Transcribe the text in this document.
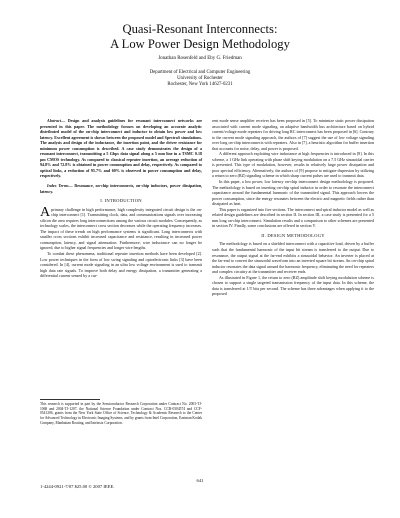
Quasi-Resonant Interconnects:
A Low Power Design Methodology
Jonathan Rosenfeld and Eby G. Friedman
Department of Electrical and Computer Engineering
University of Rochester
Rochester, New York 14627-0231

Abstract— Design and analysis guidelines for resonant interconnect networks are presented in this paper. The methodology focuses on developing an accurate analytic distributed model of the on-chip interconnect and inductor to obtain low power and low latency. Excellent agreement is shown between the proposed model and SpectraS simulations. The analysis and design of the inductance, the insertion point, and the driver resistance for minimum power consumption is described. A case study demonstrates the design of a resonant interconnect, transmitting a 5 Gbps data signal along a 5 mm line in a TSMC 0.18 μm CMOS technology. As compared to classical repeater insertion, an average reduction of 94.8% and 72.8% is obtained in power consumption and delay, respectively. As compared to optical links, a reduction of 95.7% and 60% is observed in power consumption and delay, respectively.

Index Terms— Resonance, on-chip interconnects, on-chip inductors, power dissipation, latency.

I. INTRODUCTION

Aprimary challenge in high performance, high complexity integrated circuit design is the on-chip interconnect [1]. Transmitting clock, data, and communications signals over increasing silicon die area requires long interconnections among the various circuit modules. Consequently, as technology scales, the interconnect cross section decreases while the operating frequency increases. The impact of these trends on high performance systems is significant. Long interconnects with smaller cross sections exhibit increased capacitance and resistance, resulting in increased power consumption, latency, and signal attenuation. Furthermore, wire inductance can no longer be ignored, due to higher signal frequencies and longer wire lengths.

To combat these phenomena, traditional repeater insertion methods have been developed [2]. Low power techniques in the form of low swing signaling and optoelectronic links [3] have been considered. In [4], current mode signaling in an ultra low voltage environment is used to transmit high data rate signals. To improve both delay and energy dissipation, a transmitter generating a differential current sensed by a cur-

This research is supported in part by the Semiconductor Research Corporation under Contract No. 2003-TJ-1068 and 2004-TJ-1207, the National Science Foundation under Contract Nos. CCR-0304574 and CCF-0541206, grants from the New York State Office of Science, Technology & Academic Research to the Center for Advanced Technology in Electronic Imaging Systems, and by grants from Intel Corporation, Eastman Kodak Company, Manhattan Routing, and Intrinsix Corporation.

rent mode sense amplifier receiver has been proposed in [5]. To minimize static power dissipation associated with current mode signaling, an adaptive bandwidth bus architecture based on hybrid current/voltage mode repeaters for driving long RC interconnect has been proposed in [6]. Contrary to the current mode signaling approach, the authors of [7] suggest the use of low voltage signaling over long on-chip interconnects with repeaters. Also in [7], a heuristic algorithm for buffer insertion that accounts for noise, delay, and power is proposed.

A different approach exploiting wire inductance at high frequencies is introduced in [8]. In this scheme, a 1 GHz link operating with phase shift keying modulation on a 7.5 GHz sinusoidal carrier is presented. This type of modulation, however, results in relatively large power dissipation and poor spectral efficiency. Alternatively, the authors of [9] propose to mitigate dispersion by utilizing a return to zero (RZ) signaling scheme in which sharp current pulses are used to transmit data.

In this paper, a low power, low latency on-chip interconnect design methodology is proposed. The methodology is based on inserting on-chip spiral inductor in order to resonate the interconnect capacitance around the fundamental harmonic of the transmitted signal. This approach lowers the power consumption, since the energy resonates between the electric and magnetic fields rather than dissipated as heat.

This paper is organized into five sections. The interconnect and spiral inductor model as well as related design guidelines are described in section II. In section III, a case study is presented for a 5 mm long on-chip interconnect. Simulation results and a comparison to other schemes are presented in section IV. Finally, some conclusions are offered in section V.

II. DESIGN METHODOLOGY

The methodology is based on a shielded interconnect with a capacitive load, driven by a buffer such that the fundamental harmonic of the input bit stream is transferred to the output. Due to resonance, the output signal at the far-end exhibits a sinusoidal behavior. An inverter is placed at the far-end to convert the sinusoidal waveform into an inverted square bit stream. An on-chip spiral inductor resonates the data signal around the harmonic frequency, eliminating the need for repeaters and complex circuitry at the transmitter and receiver ends.

As illustrated in Figure 1, the return to zero (RZ) amplitude shift keying modulation scheme is chosen to support a single targeted transmission frequency of the input data. In this scheme, the data is transferred at 1/T bits per second. The scheme has three advantages when applying it to the proposed

641
1-4244-0921-7/07 $25.00 © 2007 IEEE.
